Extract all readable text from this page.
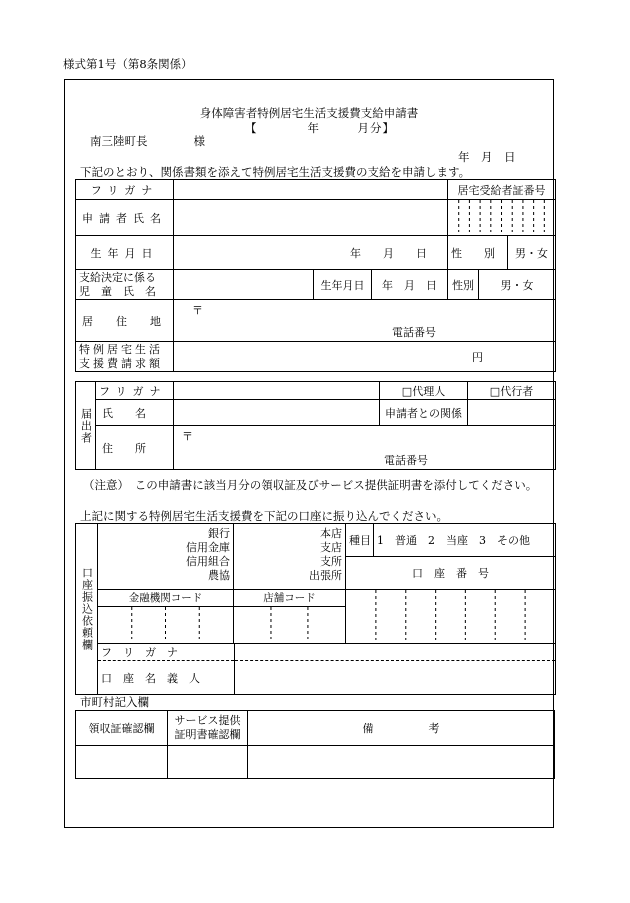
様式第1号（第8条関係）
身体障害者特例居宅生活支援費支給申請書
【　　　　年　　　月分】
南三陸町長　　　　様
年　月　日
下記のとおり、関係書類を添えて特例居宅生活支援費の支給を申請します。
フリガナ				居宅受給者証番号		
申請者氏名		
生年月日	年　　月　　日			性　　別		男・女

支給決定に係る
児　童　氏　名		生年月日	年　月　日	性別	男・女	
居　住　地	〒
電話番号					

特例居宅生活
支援費請求額	円					
届出者	フリガナ		□代理人	□代行者
	氏　　名		申請者との関係	
	住　　所	〒
電話番号		
（注意）　この申請書に該当月分の領収証及びサービス提供証明書を添付してください。
上記に関する特例居宅生活支援費を下記の口座に振り込んでください。
口座振込依頼欄	
銀行
信用金庫
信用組合
農協

本店
支店
支所
出張所
	種目	1　普通　2　当座　3　その他
口　座　番　号
金融機関コード	店舗コード	

フ　リ　ガ　ナ	
口　座　名　義　人	
市町村記入欄
領収証確認欄	サービス提供
証明書確認欄	備　　　　　考
